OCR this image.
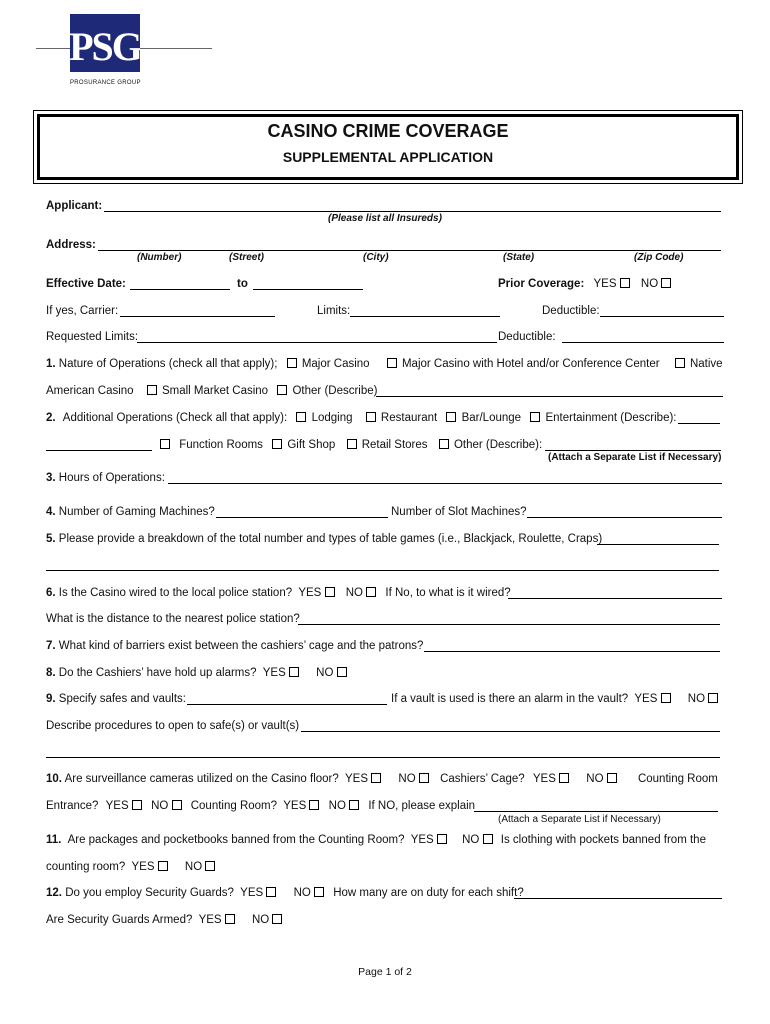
PSG
PROSURANCE GROUP
CASINO CRIME COVERAGE
SUPPLEMENTAL APPLICATION
Applicant:
(Please list all Insureds)
Address:
(Number)	(Street)	(City)	(State)	(Zip Code)
Effective Date:	to	Prior Coverage: YES NO
If yes, Carrier:	Limits:	Deductible:
Requested Limits:	Deductible:
1. Nature of Operations (check all that apply); Major Casino	Major Casino with Hotel and/or Conference Center	Native
American Casino Small Market Casino Other (Describe)
2. Additional Operations (Check all that apply): Lodging Restaurant Bar/Lounge Entertainment (Describe):
Function Rooms Gift Shop Retail Stores Other (Describe):
(Attach a Separate List if Necessary)
3. Hours of Operations:
4. Number of Gaming Machines?	Number of Slot Machines?
5. Please provide a breakdown of the total number and types of table games (i.e., Blackjack, Roulette, Craps)
6. Is the Casino wired to the local police station? YES NO If No, to what is it wired?
What is the distance to the nearest police station?
7. What kind of barriers exist between the cashiers’ cage and the patrons?
8. Do the Cashiers’ have hold up alarms? YES	NO
9. Specify safes and vaults:	If a vault is used is there an alarm in the vault? YES	NO
Describe procedures to open to safe(s) or vault(s)
10. Are surveillance cameras utilized on the Casino floor? YES	NO Cashiers’ Cage? YES	NO	Counting Room
Entrance? YES NO Counting Room? YES NO If NO, please explain
(Attach a Separate List if Necessary)
11. Are packages and pocketbooks banned from the Counting Room? YES NO Is clothing with pockets banned from the
counting room? YES	NO
12. Do you employ Security Guards? YES	NO How many are on duty for each shift?
Are Security Guards Armed? YES	NO
Page 1 of 2
